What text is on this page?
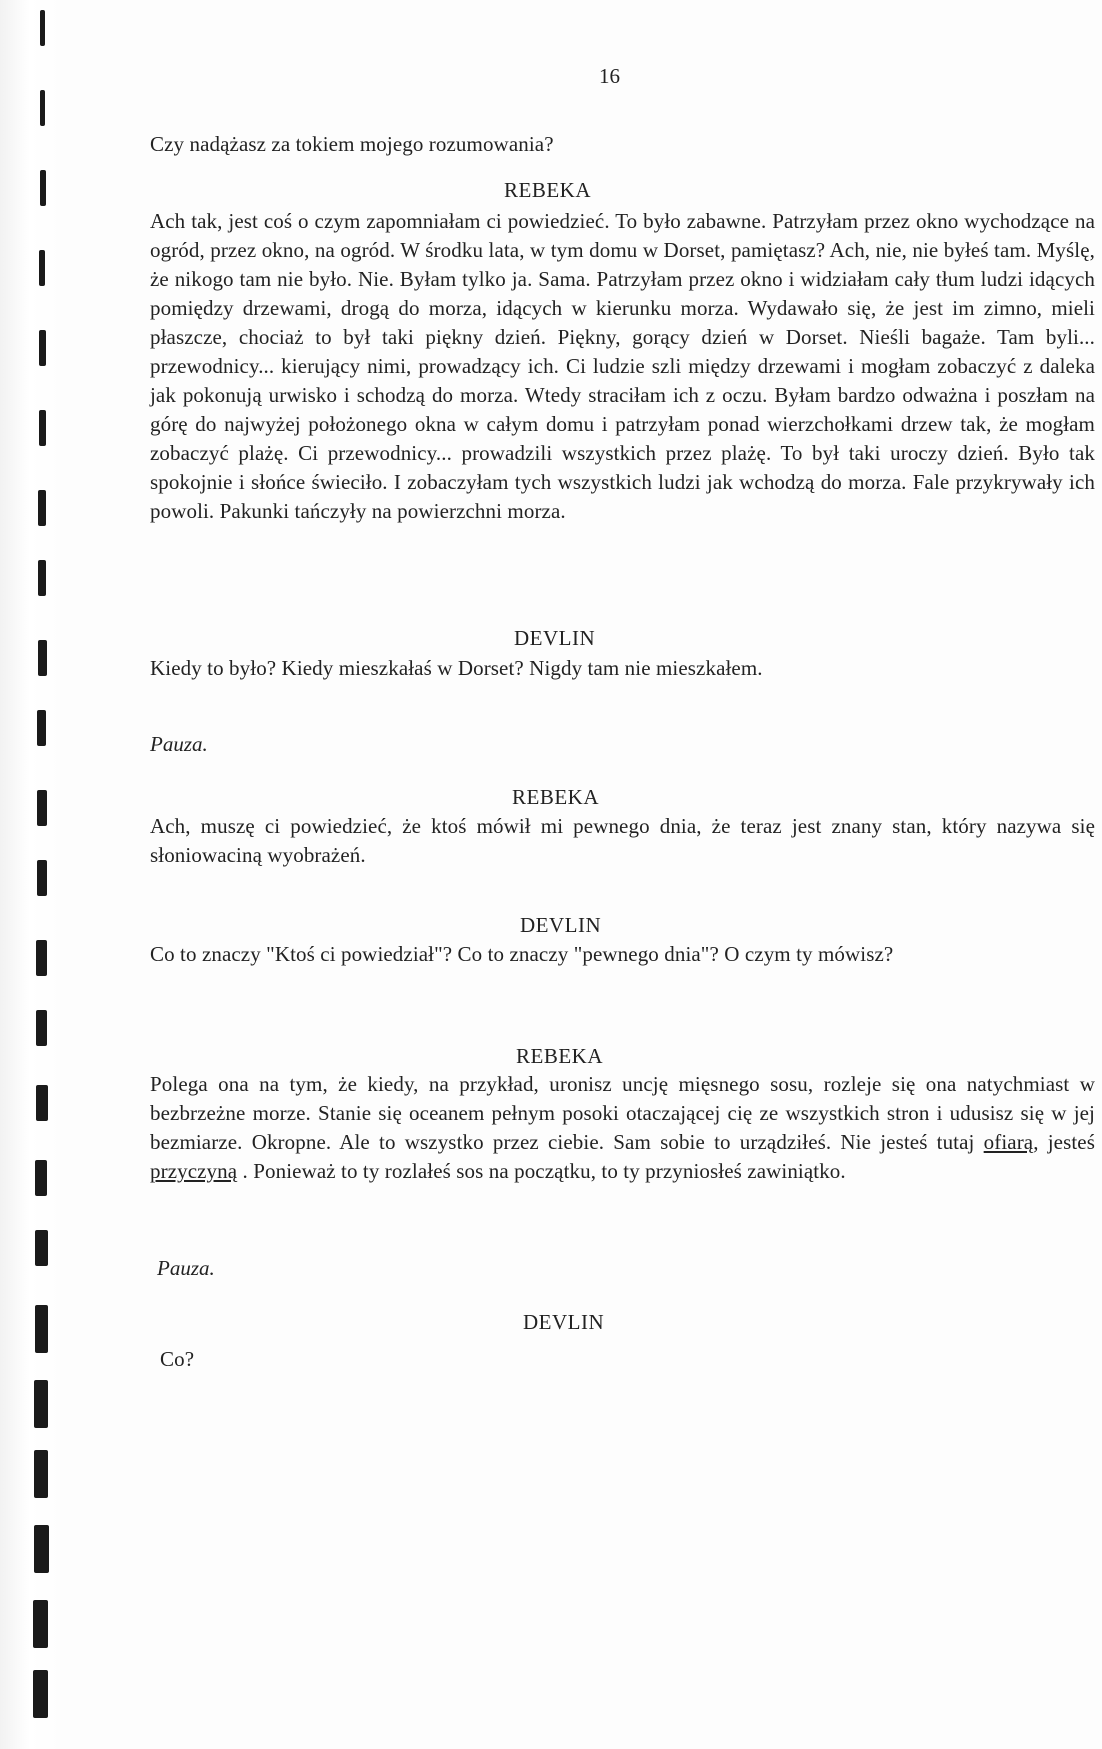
16
Czy nadążasz za tokiem mojego rozumowania?
REBEKA
Ach tak, jest coś o czym zapomniałam ci powiedzieć. To było zabawne. Patrzyłam przez okno wychodzące na ogród, przez okno, na ogród. W środku lata, w tym domu w Dorset, pamiętasz? Ach, nie, nie byłeś tam. Myślę, że nikogo tam nie było. Nie. Byłam tylko ja. Sama. Patrzyłam przez okno i widziałam cały tłum ludzi idących pomiędzy drzewami, drogą do morza, idących w kierunku morza. Wydawało się, że jest im zimno, mieli płaszcze, chociaż to był taki piękny dzień. Piękny, gorący dzień w Dorset. Nieśli bagaże. Tam byli... przewodnicy... kierujący nimi, prowadzący ich. Ci ludzie szli między drzewami i mogłam zobaczyć z daleka jak pokonują urwisko i schodzą do morza. Wtedy straciłam ich z oczu. Byłam bardzo odważna i poszłam na górę do najwyżej położonego okna w całym domu i patrzyłam ponad wierzchołkami drzew tak, że mogłam zobaczyć plażę. Ci przewodnicy... prowadzili wszystkich przez plażę. To był taki uroczy dzień. Było tak spokojnie i słońce świeciło. I zobaczyłam tych wszystkich ludzi jak wchodzą do morza. Fale przykrywały ich powoli. Pakunki tańczyły na powierzchni morza.
DEVLIN
Kiedy to było? Kiedy mieszkałaś w Dorset? Nigdy tam nie mieszkałem.
Pauza.
REBEKA
Ach, muszę ci powiedzieć, że ktoś mówił mi pewnego dnia, że teraz jest znany stan, który nazywa się słoniowaciną wyobrażeń.
DEVLIN
Co to znaczy "Ktoś ci powiedział"? Co to znaczy "pewnego dnia"? O czym ty mówisz?
REBEKA
Polega ona na tym, że kiedy, na przykład, uronisz uncję mięsnego sosu, rozleje się ona natychmiast w bezbrzeżne morze. Stanie się oceanem pełnym posoki otaczającej cię ze wszystkich stron i udusisz się w jej bezmiarze. Okropne. Ale to wszystko przez ciebie. Sam sobie to urządziłeś. Nie jesteś tutaj ofiarą, jesteś przyczyną . Ponieważ to ty rozlałeś sos na początku, to ty przyniosłeś zawiniątko.
Pauza.
DEVLIN
Co?
